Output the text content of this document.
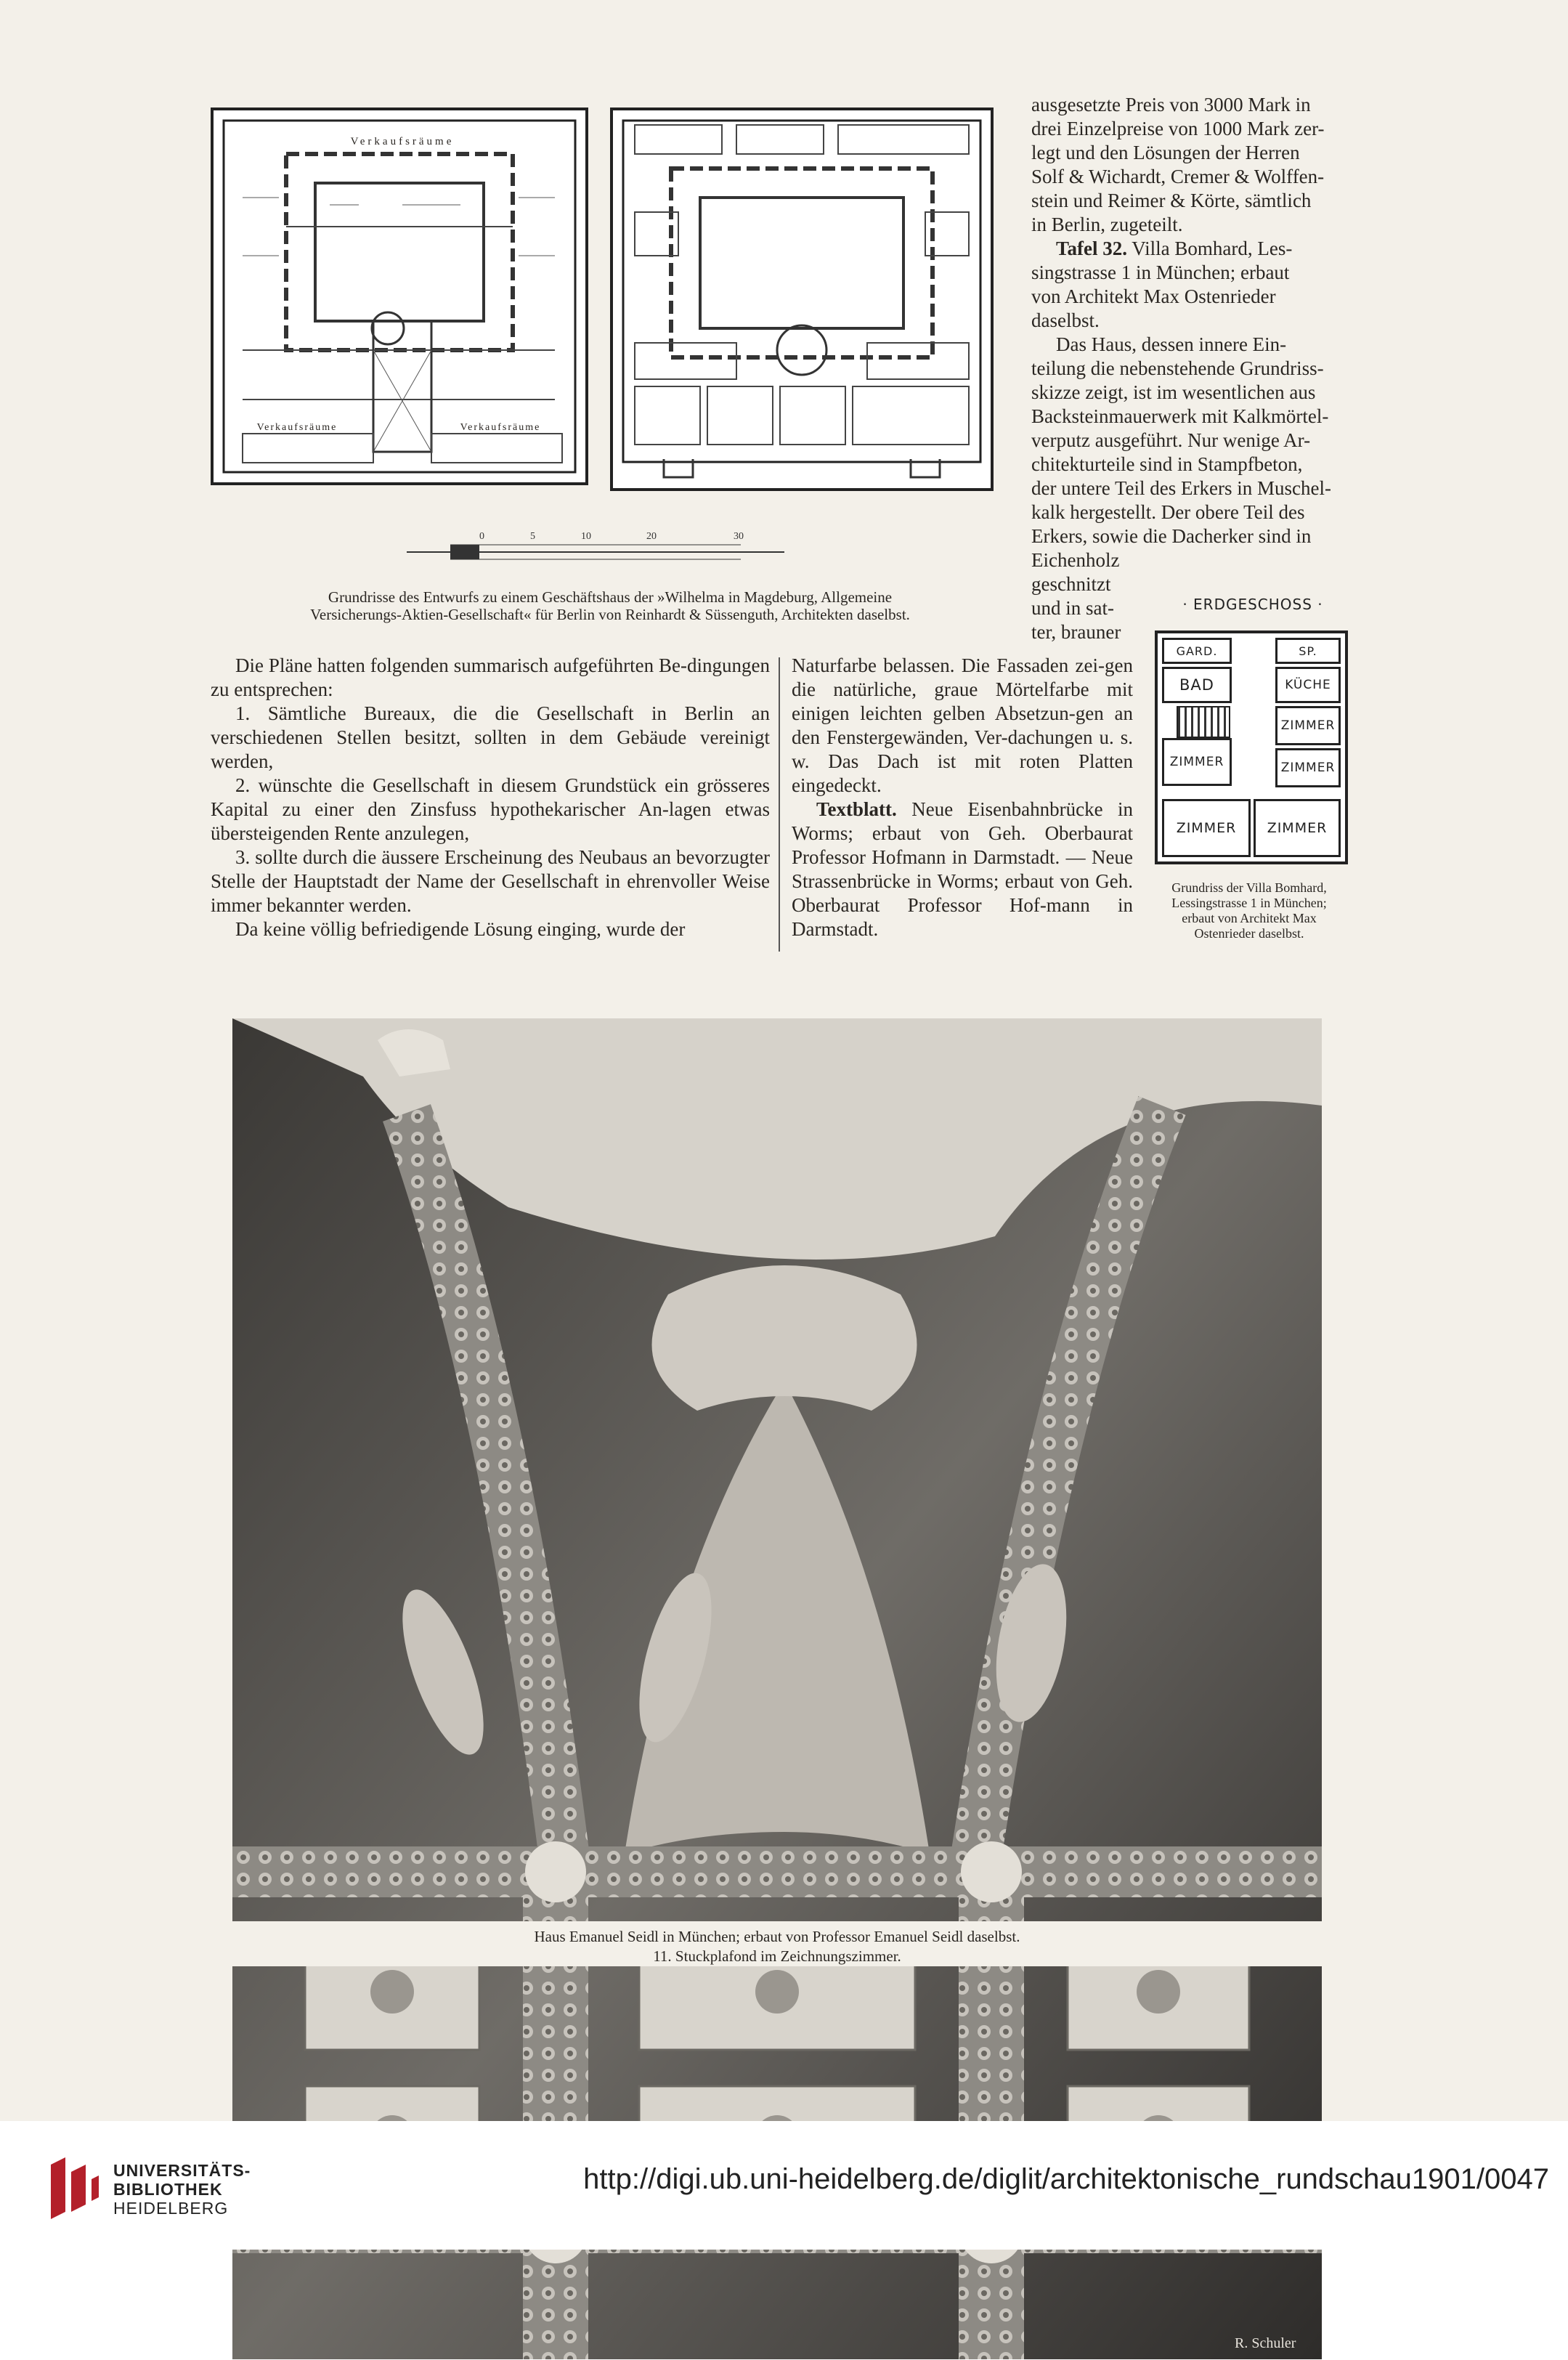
Verkaufsräume
Verkaufsräume	Verkaufsräume
0	5	10	20	30
Grundrisse des Entwurfs zu einem Geschäftshaus der »Wilhelma in Magdeburg, Allgemeine
Versicherungs-Aktien-Gesellschaft« für Berlin von Reinhardt & Süssenguth, Architekten daselbst.
ausgesetzte Preis von 3000 Mark in
drei Einzelpreise von 1000 Mark zer-
legt und den Lösungen der Herren
Solf & Wichardt, Cremer & Wolffen-
stein und Reimer & Körte, sämtlich
in Berlin, zugeteilt.
Tafel 32. Villa Bomhard, Les-
singstrasse 1 in München; erbaut
von Architekt Max Ostenrieder
daselbst.
Das Haus, dessen innere Ein-
teilung die nebenstehende Grundriss-
skizze zeigt, ist im wesentlichen aus
Backsteinmauerwerk mit Kalkmörtel-
verputz ausgeführt. Nur wenige Ar-
chitekturteile sind in Stampfbeton,
der untere Teil des Erkers in Muschel-
kalk hergestellt. Der obere Teil des
Erkers, sowie die Dacherker sind in
Eichenholz
geschnitzt
und in sat-
ter, brauner
· ERDGESCHOSS ·
GARD.	SP.
BAD	KÜCHE
ZIMMER
ZIMMER	ZIMMER
ZIMMER	ZIMMER
Grundriss der Villa Bomhard,
Lessingstrasse 1 in München;
erbaut von Architekt Max
Ostenrieder daselbst.

Die Pläne hatten folgenden summarisch aufgeführten Be-dingungen zu entsprechen:

1. Sämtliche Bureaux, die die Gesellschaft in Berlin an verschiedenen Stellen besitzt, sollten in dem Gebäude vereinigt werden,

2. wünschte die Gesellschaft in diesem Grundstück ein grösseres Kapital zu einer den Zinsfuss hypothekarischer An-lagen etwas übersteigenden Rente anzulegen,

3. sollte durch die äussere Erscheinung des Neubaus an bevorzugter Stelle der Hauptstadt der Name der Gesellschaft in ehrenvoller Weise immer bekannter werden.

Da keine völlig befriedigende Lösung einging, wurde der

Naturfarbe belassen. Die Fassaden zei-gen die natürliche, graue Mörtelfarbe mit einigen leichten gelben Absetzun-gen an den Fenstergewänden, Ver-dachungen u. s. w. Das Dach ist mit roten Platten eingedeckt.

Textblatt. Neue Eisenbahnbrücke in Worms; erbaut von Geh. Oberbaurat Professor Hofmann in Darmstadt. — Neue Strassenbrücke in Worms; erbaut von Geh. Oberbaurat Professor Hof-mann in Darmstadt.

R. Schuler
Haus Emanuel Seidl in München; erbaut von Professor Emanuel Seidl daselbst.
11. Stuckplafond im Zeichnungszimmer.
UNIVERSITÄTS-
BIBLIOTHEK
HEIDELBERG
http://digi.ub.uni-heidelberg.de/diglit/architektonische_rundschau1901/0047
